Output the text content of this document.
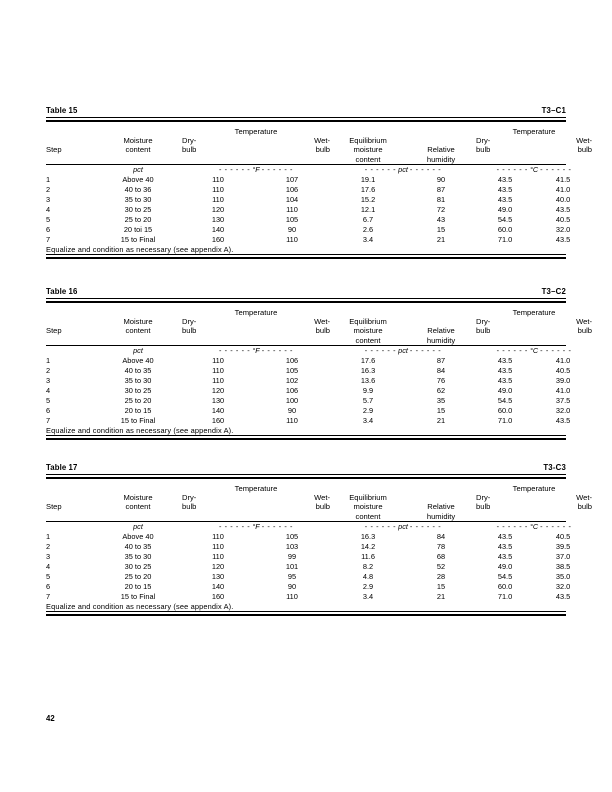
Table 15	T3–C1

		Temperature				Temperature	
	Moisture	Dry-	Wet-	Equilibrium		Dry-	Wet-
Step	content	bulb	bulb	moisture	Relative	bulb	bulb
				content	humidity		
	pct	- - - - - - °F - - - - - -		- - - - - - pct - - - - - -		- - - - - - °C - - - - - -	
1	Above 40	110	107	19.1	90	43.5	41.5
2	40 to 36	110	106	17.6	87	43.5	41.0
3	35 to 30	110	104	15.2	81	43.5	40.0
4	30 to 25	120	110	12.1	72	49.0	43.5
5	25 to 20	130	105	6.7	43	54.5	40.5
6	20 toi 15	140	90	2.6	15	60.0	32.0
7	15 to Final	160	110	3.4	21	71.0	43.5
Equalize and condition as necessary (see appendix A).							
Table 16	T3–C2

		Temperature				Temperature	
	Moisture	Dry-	Wet-	Equilibrium		Dry-	Wet-
Step	content	bulb	bulb	moisture	Relative	bulb	bulb
				content	humidity		
	pct	- - - - - - °F - - - - - -		- - - - - - pct - - - - - -		- - - - - - °C - - - - - -	
1	Above 40	110	106	17.6	87	43.5	41.0
2	40 to 35	110	105	16.3	84	43.5	40.5
3	35 to 30	110	102	13.6	76	43.5	39.0
4	30 to 25	120	106	9.9	62	49.0	41.0
5	25 to 20	130	100	5.7	35	54.5	37.5
6	20 to 15	140	90	2.9	15	60.0	32.0
7	15 to Final	160	110	3.4	21	71.0	43.5
Equalize and condition as necessary (see appendix A).							
Table 17	T3-C3

		Temperature				Temperature	
	Moisture	Dry-	Wet-	Equilibrium		Dry-	Wet-
Step	content	bulb	bulb	moisture	Relative	bulb	bulb
				content	humidity		
	pct	- - - - - - °F - - - - - -		- - - - - - pct - - - - - -		- - - - - - °C - - - - - -	
1	Above 40	110	105	16.3	84	43.5	40.5
2	40 to 35	110	103	14.2	78	43.5	39.5
3	35 to 30	110	99	11.6	68	43.5	37.0
4	30 to 25	120	101	8.2	52	49.0	38.5
5	25 to 20	130	95	4.8	28	54.5	35.0
6	20 to 15	140	90	2.9	15	60.0	32.0
7	15 to Final	160	110	3.4	21	71.0	43.5
Equalize and condition as necessary (see appendix A).							
42
